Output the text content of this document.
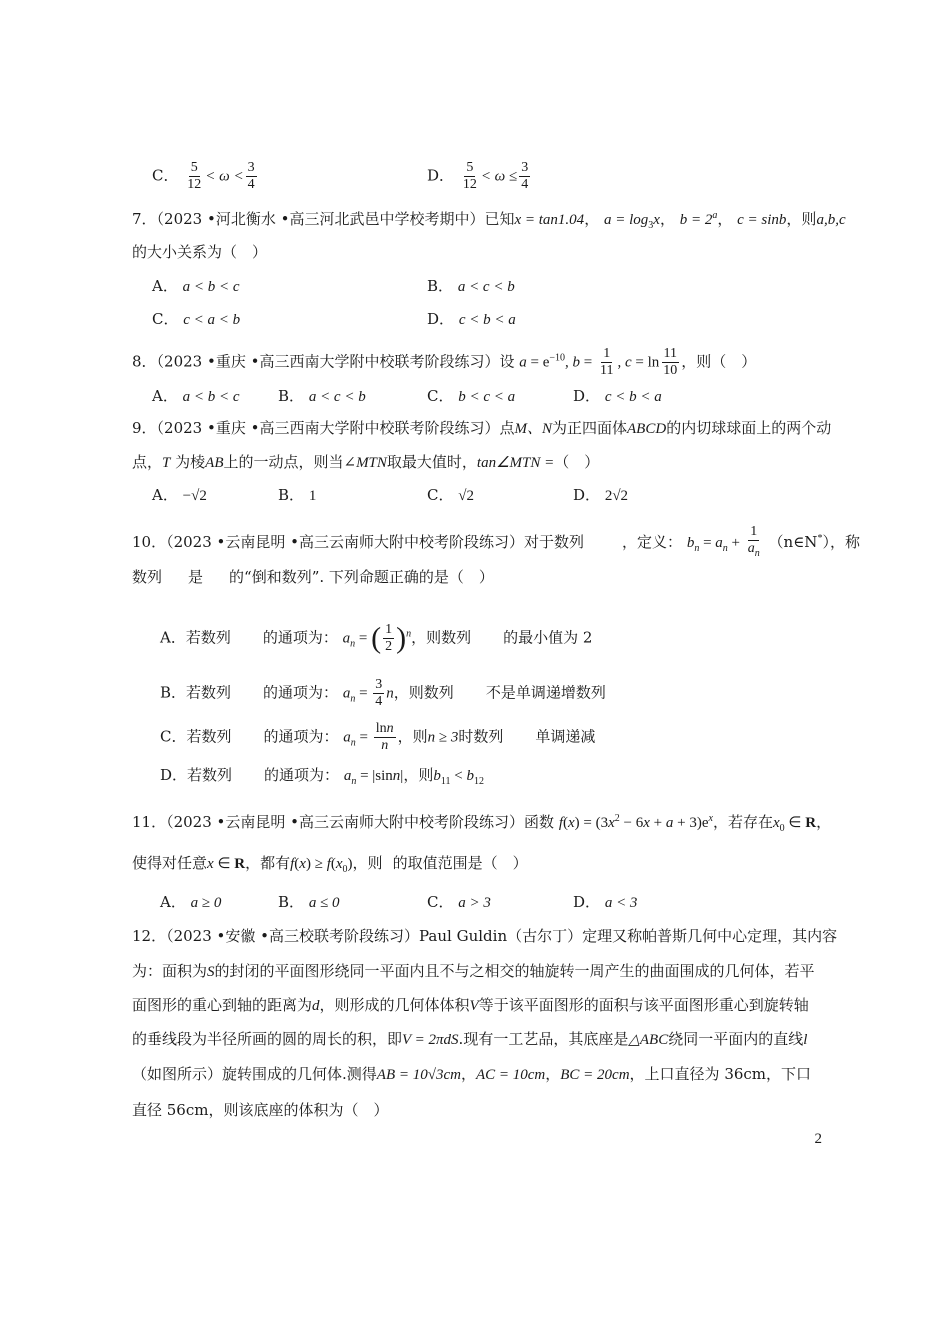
C． $\frac{5}{12} < \omega < \frac{3}{4}$	D． $\frac{5}{12} < \omega \le \frac{3}{4}$
7．（2023 •河北衡水 •高三河北武邑中学校考期中）已知x = tan1.04， $a = \log_3x$， $b = 2^a$， c = sinb，则a,b,c
的大小关系为（　）
A． a < b < c	B． a < c < b
C． c < a < b	D． c < b < a
8．（2023 •重庆 •高三西南大学附中校联考阶段练习）设 $a = e^{-10}$, $b = \frac{1}{11}$ , $c = \ln \frac{11}{10}$ ，则（　）
A． a < b < c	B． a < c < b	C． b < c < a	D． c < b < a
9．（2023 •重庆 •高三西南大学附中校联考阶段练习）点M、N为正四面体ABCD的内切球球面上的两个动
点，T 为棱AB上的一动点，则当∠MTN取最大值时，tan∠MTN =（　）
A． −√2	B． 1	C． √2	D． 2√2
10．（2023 •云南昆明 •高三云南师大附中校考阶段练习）对于数列	，定义： $b_n = a_n + \frac{1}{a_n}$ （n∈N*），称
数列 是 的“倒和数列”. 下列命题正确的是（　）
A．若数列 的通项为： $a_n$ = ( $\frac{1}{2} )^n$，则数列 的最小值为 2
B．若数列 的通项为： $a_n = \frac{3}{4}$ n，则数列 不是单调递增数列
C．若数列 的通项为： $a_n = \frac{\ln n}{n}$ ，则n ≥ 3时数列 单调递减
D．若数列 的通项为： $a_n = |\sin n|$，则$b_{11} < b_{12}$
11．（2023 •云南昆明 •高三云南师大附中校考阶段练习）函数 $f(x) = (3x^2 - 6x + a + 3)e^x$，若存在$x_0$ ∈ R，
使得对任意x ∈ R，都有$f(x) \ge f(x_0)$，则 的取值范围是（　）
A． a ≥ 0	B． a ≤ 0	C． a > 3	D． a < 3
12．（2023 •安徽 •高三校联考阶段练习）Paul Guldin（古尔丁）定理又称帕普斯几何中心定理，其内容
为：面积为S的封闭的平面图形绕同一平面内且不与之相交的轴旋转一周产生的曲面围成的几何体，若平
面图形的重心到轴的距离为d，则形成的几何体体积V等于该平面图形的面积与该平面图形重心到旋转轴
的垂线段为半径所画的圆的周长的积，即V = 2πdS.现有一工艺品，其底座是△ABC绕同一平面内的直线l
（如图所示）旋转围成的几何体.测得AB = 10√3cm，AC = 10cm，BC = 20cm，上口直径为 36cm，下口
直径 56cm，则该底座的体积为（　）
2
